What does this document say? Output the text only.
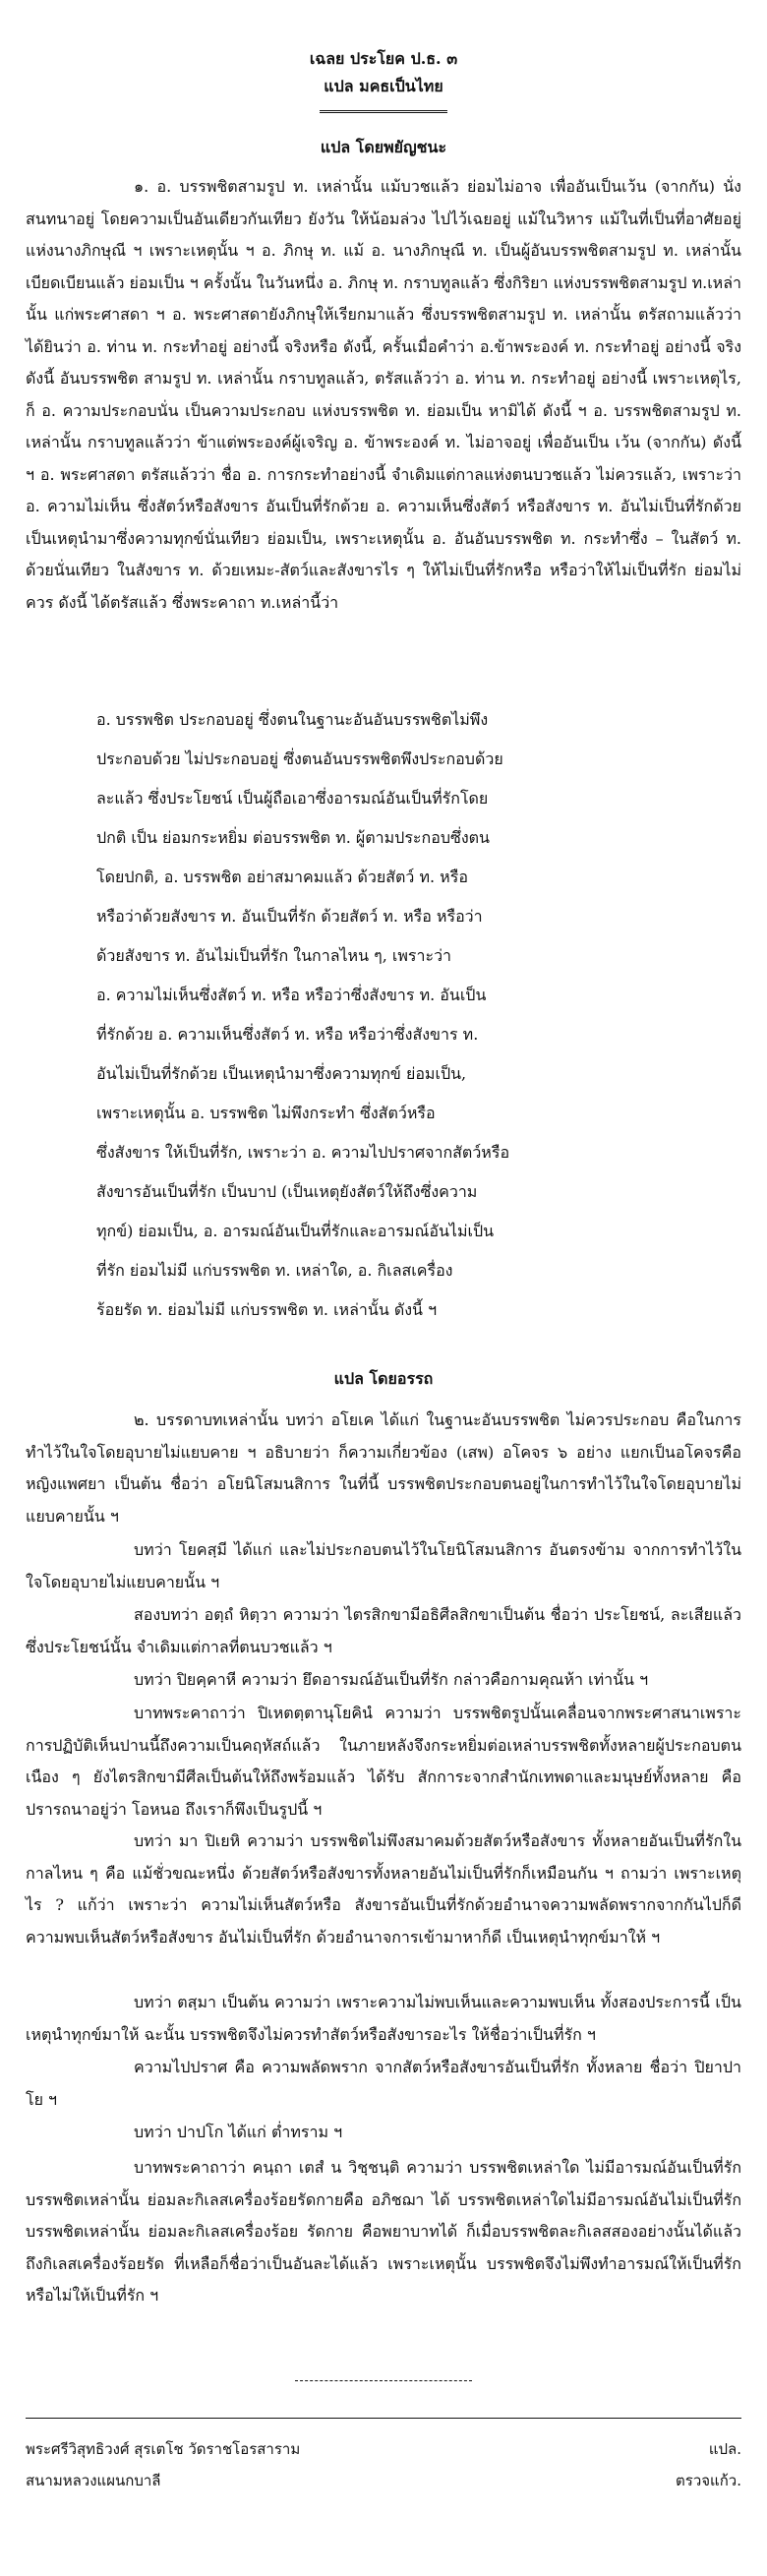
เฉลย ประโยค ป.ธ. ๓
แปล มคธเป็นไทย
แปล โดยพยัญชนะ
๑. อ. บรรพชิตสามรูป ท. เหล่านั้น แม้บวชแล้ว ย่อมไม่อาจ เพื่ออันเป็นเว้น (จากกัน) นั่งสนทนาอยู่ โดยความเป็นอันเดียวกันเทียว ยังวัน ให้น้อมล่วง ไปไว้เฉยอยู่ แม้ในวิหาร แม้ในที่เป็นที่อาศัยอยู่ แห่งนางภิกษุณี ฯ เพราะเหตุนั้น ฯ อ. ภิกษุ ท. แม้ อ. นางภิกษุณี ท. เป็นผู้อันบรรพชิตสามรูป ท. เหล่านั้น เบียดเบียนแล้ว ย่อมเป็น ฯ ครั้งนั้น ในวันหนึ่ง อ. ภิกษุ ท. กราบทูลแล้ว ซึ่งกิริยา แห่งบรรพชิตสามรูป ท.เหล่านั้น แก่พระศาสดา ฯ อ. พระศาสดายังภิกษุให้เรียกมาแล้ว ซึ่งบรรพชิตสามรูป ท. เหล่านั้น ตรัสถามแล้วว่า ได้ยินว่า อ. ท่าน ท. กระทำอยู่ อย่างนี้ จริงหรือ ดังนี้, ครั้นเมื่อคำว่า อ.ข้าพระองค์ ท. กระทำอยู่ อย่างนี้ จริง ดังนี้ อันบรรพชิต สามรูป ท. เหล่านั้น กราบทูลแล้ว, ตรัสแล้วว่า อ. ท่าน ท. กระทำอยู่ อย่างนี้ เพราะเหตุไร, ก็ อ. ความประกอบนั่น เป็นความประกอบ แห่งบรรพชิต ท. ย่อมเป็น หามิได้ ดังนี้ ฯ อ. บรรพชิตสามรูป ท. เหล่านั้น กราบทูลแล้วว่า ข้าแต่พระองค์ผู้เจริญ อ. ข้าพระองค์ ท. ไม่อาจอยู่ เพื่ออันเป็น เว้น (จากกัน) ดังนี้ ฯ อ. พระศาสดา ตรัสแล้วว่า ชื่อ อ. การกระทำอย่างนี้ จำเดิมแต่กาลแห่งตนบวชแล้ว ไม่ควรแล้ว, เพราะว่า อ. ความไม่เห็น ซึ่งสัตว์หรือสังขาร อันเป็นที่รักด้วย อ. ความเห็นซึ่งสัตว์ หรือสังขาร ท. อันไม่เป็นที่รักด้วย เป็นเหตุนำมาซึ่งความทุกข์นั่นเทียว ย่อมเป็น, เพราะเหตุนั้น อ. อันอันบรรพชิต ท. กระทำซึ่ง – ในสัตว์ ท. ด้วยนั่นเทียว ในสังขาร ท. ด้วยเหมะ-สัตว์และสังขารไร ๆ ให้ไม่เป็นที่รักหรือ หรือว่าให้ไม่เป็นที่รัก ย่อมไม่ควร ดังนี้ ได้ตรัสแล้ว ซึ่งพระคาถา ท.เหล่านี้ว่า
อ. บรรพชิต ประกอบอยู่ ซึ่งตนในฐานะอันอันบรรพชิตไม่พึง
ประกอบด้วย ไม่ประกอบอยู่ ซึ่งตนอันบรรพชิตพึงประกอบด้วย
ละแล้ว ซึ่งประโยชน์ เป็นผู้ถือเอาซึ่งอารมณ์อันเป็นที่รักโดย
ปกติ เป็น ย่อมกระหยิ่ม ต่อบรรพชิต ท. ผู้ตามประกอบซึ่งตน
โดยปกติ, อ. บรรพชิต อย่าสมาคมแล้ว ด้วยสัตว์ ท. หรือ
หรือว่าด้วยสังขาร ท. อันเป็นที่รัก ด้วยสัตว์ ท. หรือ หรือว่า
ด้วยสังขาร ท. อันไม่เป็นที่รัก ในกาลไหน ๆ, เพราะว่า
อ. ความไม่เห็นซึ่งสัตว์ ท. หรือ หรือว่าซึ่งสังขาร ท. อันเป็น
ที่รักด้วย อ. ความเห็นซึ่งสัตว์ ท. หรือ หรือว่าซึ่งสังขาร ท.
อันไม่เป็นที่รักด้วย เป็นเหตุนำมาซึ่งความทุกข์ ย่อมเป็น,
เพราะเหตุนั้น อ. บรรพชิต ไม่พึงกระทำ ซึ่งสัตว์หรือ
ซึ่งสังขาร ให้เป็นที่รัก, เพราะว่า อ. ความไปปราศจากสัตว์หรือ
สังขารอันเป็นที่รัก เป็นบาป (เป็นเหตุยังสัตว์ให้ถึงซึ่งความ
ทุกข์) ย่อมเป็น, อ. อารมณ์อันเป็นที่รักและอารมณ์อันไม่เป็น
ที่รัก ย่อมไม่มี แก่บรรพชิต ท. เหล่าใด, อ. กิเลสเครื่อง
ร้อยรัด ท. ย่อมไม่มี แก่บรรพชิต ท. เหล่านั้น ดังนี้ ฯ
แปล โดยอรรถ
๒. บรรดาบทเหล่านั้น บทว่า อโยเค ได้แก่ ในฐานะอันบรรพชิต ไม่ควรประกอบ คือในการทำไว้ในใจโดยอุบายไม่แยบคาย ฯ อธิบายว่า ก็ความเกี่ยวข้อง (เสพ) อโคจร ๖ อย่าง แยกเป็นอโคจรคือหญิงแพศยา เป็นต้น ชื่อว่า อโยนิโสมนสิการ ในที่นี้ บรรพชิตประกอบตนอยู่ในการทำไว้ในใจโดยอุบายไม่แยบคายนั้น ฯ
บทว่า โยคสฺมี ได้แก่ และไม่ประกอบตนไว้ในโยนิโสมนสิการ อันตรงข้าม จากการทำไว้ในใจโดยอุบายไม่แยบคายนั้น ฯ
สองบทว่า อตฺถํ หิตฺวา ความว่า ไตรสิกขามีอธิศีลสิกขาเป็นต้น ชื่อว่า ประโยชน์, ละเสียแล้วซึ่งประโยชน์นั้น จำเดิมแต่กาลที่ตนบวชแล้ว ฯ
บทว่า ปิยคฺคาหี ความว่า ยึดอารมณ์อันเป็นที่รัก กล่าวคือกามคุณห้า เท่านั้น ฯ
บาทพระคาถาว่า ปิเหตตฺตานุโยคินํ ความว่า บรรพชิตรูปนั้นเคลื่อนจากพระศาสนาเพราะการปฏิบัติเห็นปานนี้ถึงความเป็นคฤหัสถ์แล้ว ในภายหลังจึงกระหยิ่มต่อเหล่าบรรพชิตทั้งหลายผู้ประกอบตนเนือง ๆ ยังไตรสิกขามีศีลเป็นต้นให้ถึงพร้อมแล้ว ได้รับ สักการะจากสำนักเทพดาและมนุษย์ทั้งหลาย คือ ปรารถนาอยู่ว่า โอหนอ ถึงเราก็พึงเป็นรูปนี้ ฯ
บทว่า มา ปิเยหิ ความว่า บรรพชิตไม่พึงสมาคมด้วยสัตว์หรือสังขาร ทั้งหลายอันเป็นที่รักในกาลไหน ๆ คือ แม้ชั่วขณะหนึ่ง ด้วยสัตว์หรือสังขารทั้งหลายอันไม่เป็นที่รักก็เหมือนกัน ฯ ถามว่า เพราะเหตุไร ? แก้ว่า เพราะว่า ความไม่เห็นสัตว์หรือ สังขารอันเป็นที่รักด้วยอำนาจความพลัดพรากจากกันไปก็ดี ความพบเห็นสัตว์หรือสังขาร อันไม่เป็นที่รัก ด้วยอำนาจการเข้ามาหาก็ดี เป็นเหตุนำทุกข์มาให้ ฯ
บทว่า ตสฺมา เป็นต้น ความว่า เพราะความไม่พบเห็นและความพบเห็น ทั้งสองประการนี้ เป็นเหตุนำทุกข์มาให้ ฉะนั้น บรรพชิตจึงไม่ควรทำสัตว์หรือสังขารอะไร ให้ชื่อว่าเป็นที่รัก ฯ
ความไปปราศ คือ ความพลัดพราก จากสัตว์หรือสังขารอันเป็นที่รัก ทั้งหลาย ชื่อว่า ปิยาปาโย ฯ
บทว่า ปาปโก ได้แก่ ต่ำทราม ฯ
บาทพระคาถาว่า คนฺถา เตสํ น วิชฺชนฺติ ความว่า บรรพชิตเหล่าใด ไม่มีอารมณ์อันเป็นที่รัก บรรพชิตเหล่านั้น ย่อมละกิเลสเครื่องร้อยรัดกายคือ อภิชฌา ได้ บรรพชิตเหล่าใดไม่มีอารมณ์อันไม่เป็นที่รัก บรรพชิตเหล่านั้น ย่อมละกิเลสเครื่องร้อย รัดกาย คือพยาบาทได้ ก็เมื่อบรรพชิตละกิเลสสองอย่างนั้นได้แล้ว ถึงกิเลสเครื่องร้อยรัด ที่เหลือก็ชื่อว่าเป็นอันละได้แล้ว เพราะเหตุนั้น บรรพชิตจึงไม่พึงทำอารมณ์ให้เป็นที่รัก หรือไม่ให้เป็นที่รัก ฯ
พระศรีวิสุทธิวงศ์ สุรเตโช วัดราชโอรสาราม	แปล.
สนามหลวงแผนกบาลี	ตรวจแก้ว.
